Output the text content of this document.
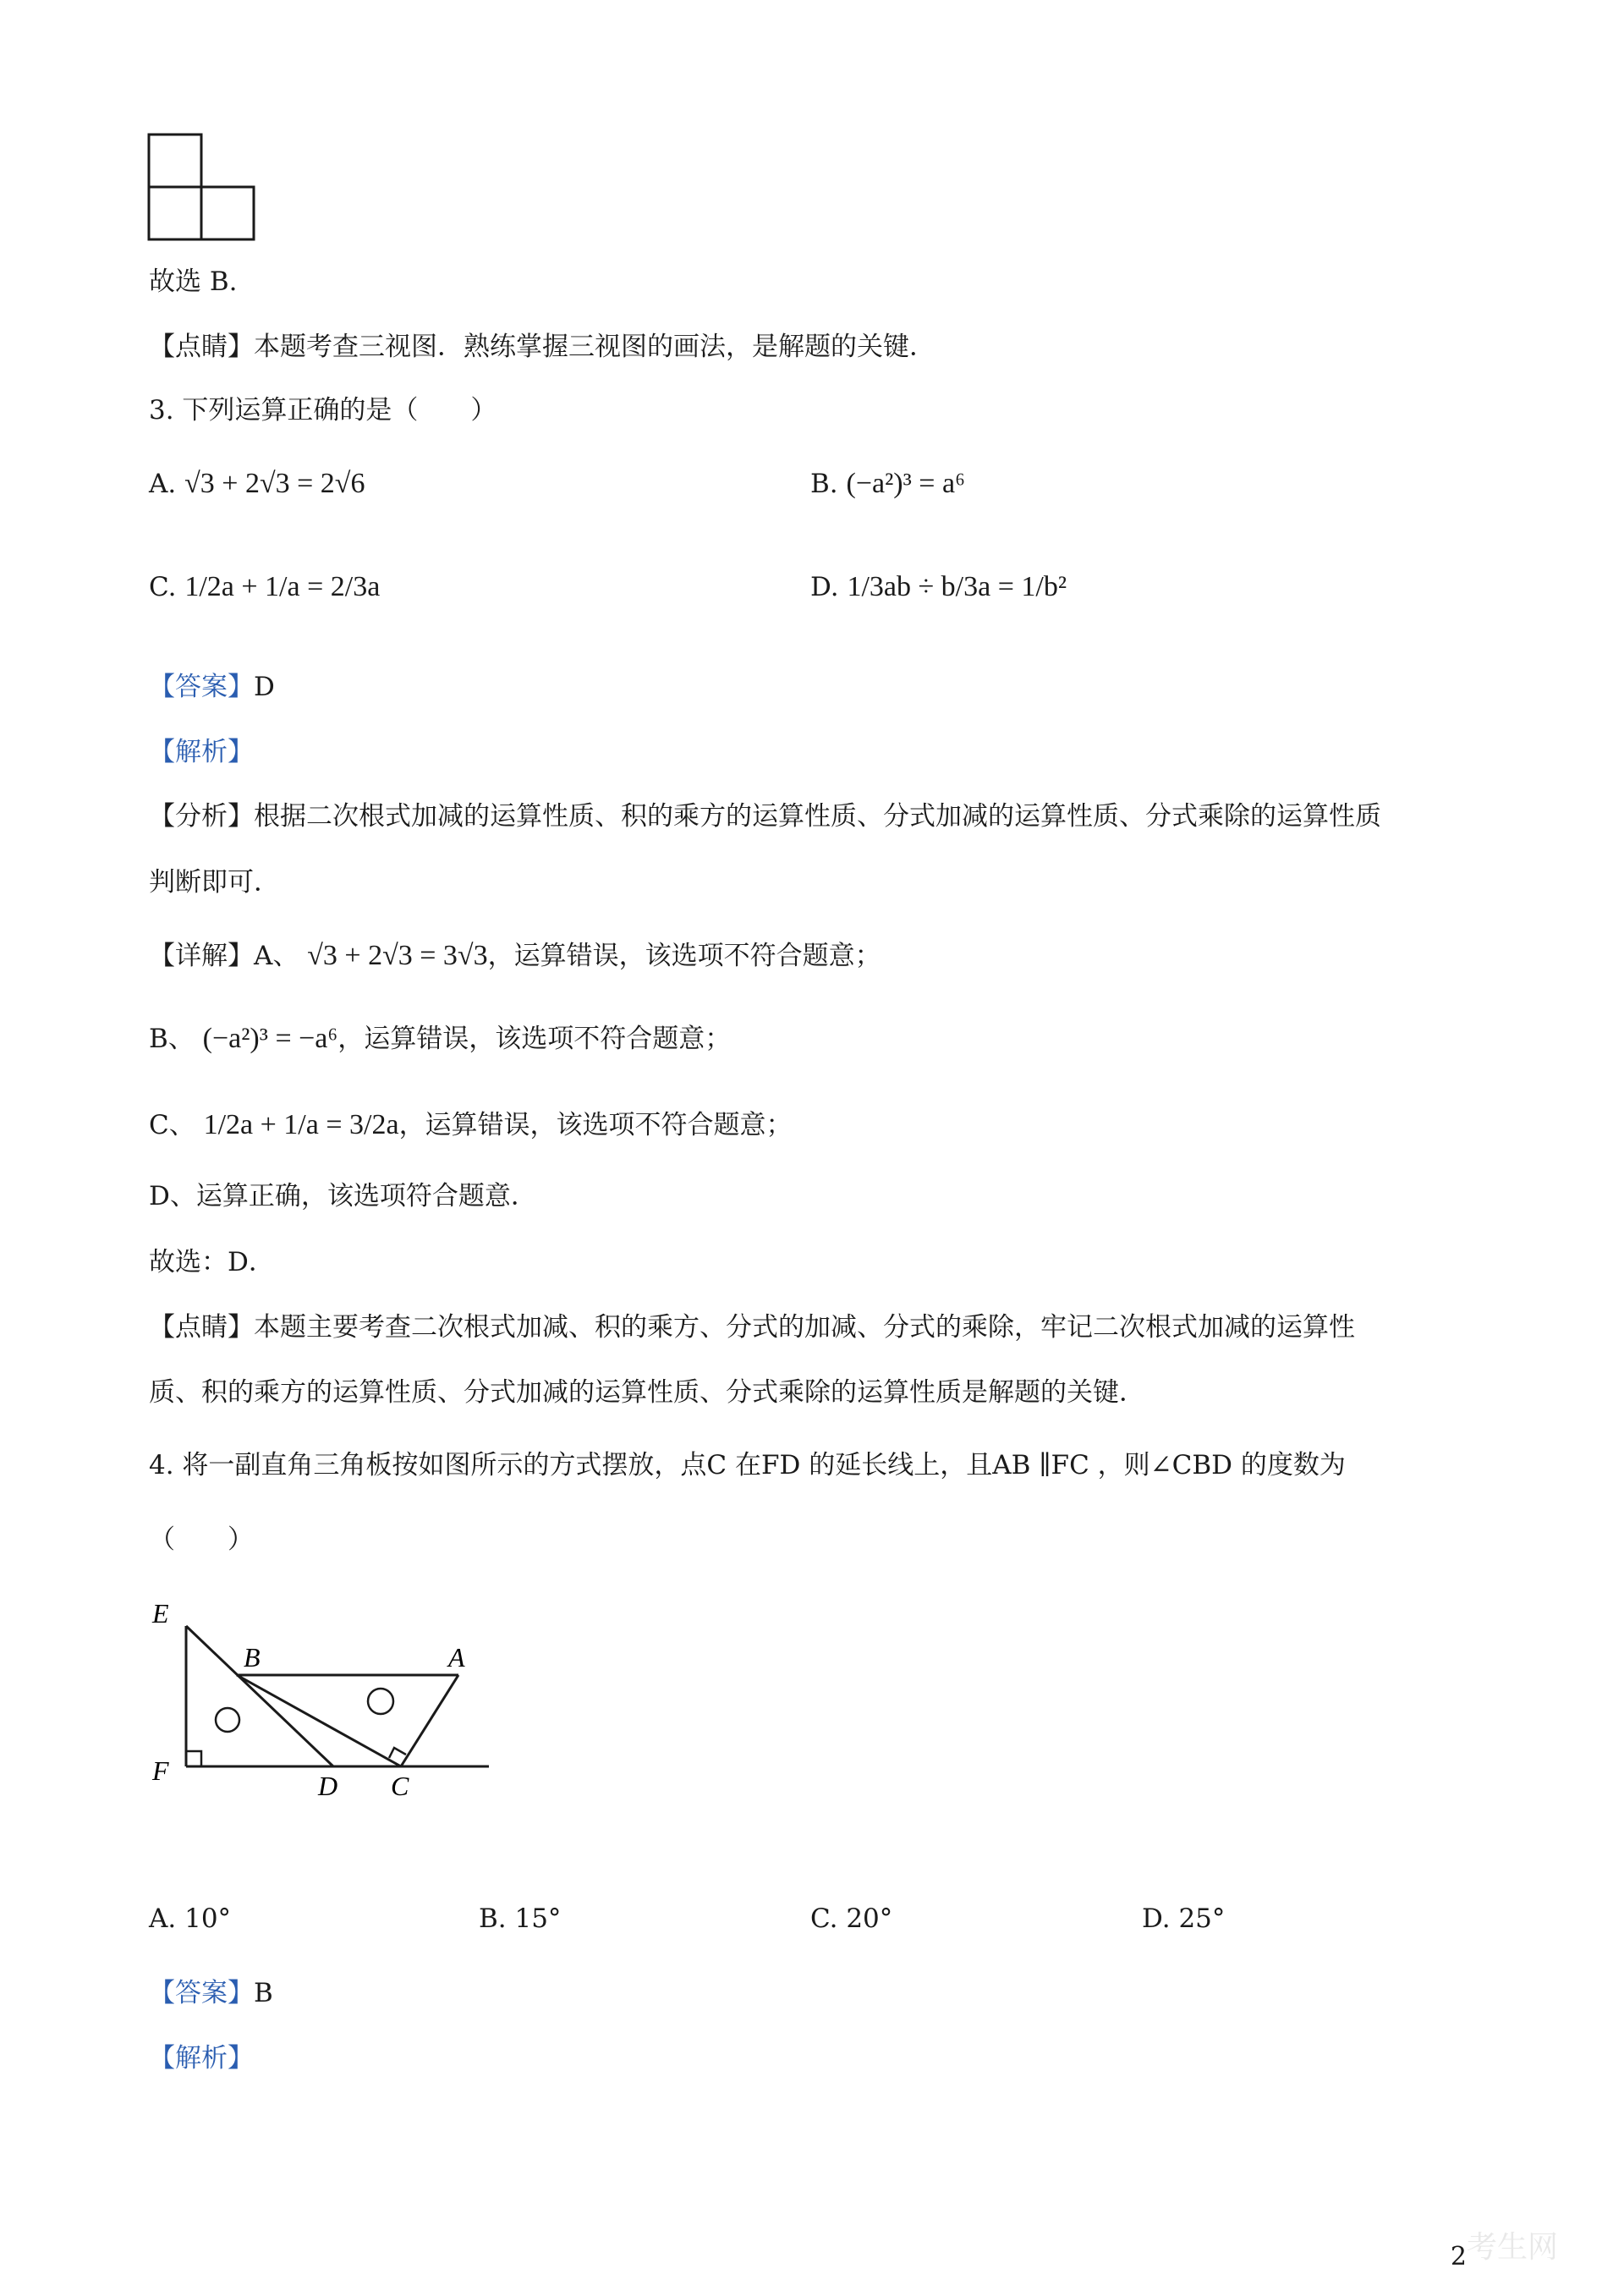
故选 B.
【点睛】本题考查三视图．熟练掌握三视图的画法，是解题的关键．
3. 下列运算正确的是（　　）
A. √3 + 2√3 = 2√6	B. (−a²)³ = a⁶
C. 1/2a + 1/a = 2/3a	D. 1/3ab ÷ b/3a = 1/b²
【答案】D
【解析】
【分析】根据二次根式加减的运算性质、积的乘方的运算性质、分式加减的运算性质、分式乘除的运算性质
判断即可．
【详解】A、 √3 + 2√3 = 3√3，运算错误，该选项不符合题意；
B、 (−a²)³ = −a⁶，运算错误，该选项不符合题意；
C、 1/2a + 1/a = 3/2a，运算错误，该选项不符合题意；
D、运算正确，该选项符合题意．
故选：D．
【点睛】本题主要考查二次根式加减、积的乘方、分式的加减、分式的乘除，牢记二次根式加减的运算性
质、积的乘方的运算性质、分式加减的运算性质、分式乘除的运算性质是解题的关键．
4. 将一副直角三角板按如图所示的方式摆放，点C 在FD 的延长线上，且AB ∥FC ，则∠CBD 的度数为
（　　）
E
B	A
F	D C
A. 10°	B. 15°	C. 20°	D. 25°
【答案】B
【解析】
2 考生网
